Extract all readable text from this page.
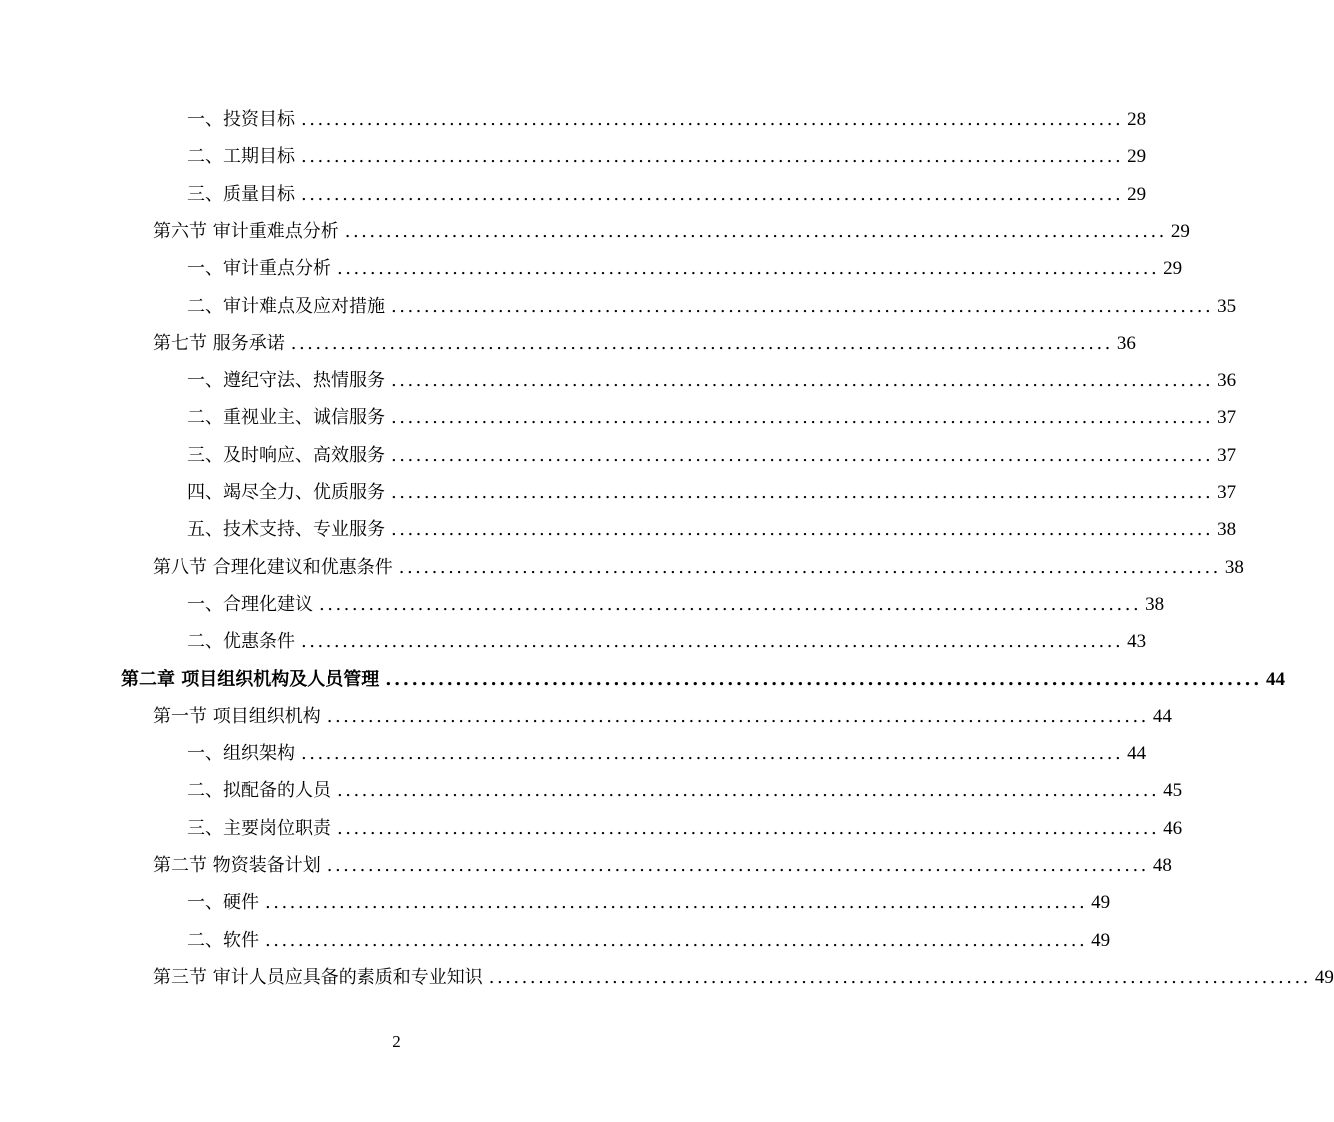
一、投资目标 .................................................................................................... 28
二、工期目标 .................................................................................................... 29
三、质量目标 .................................................................................................... 29
第六节 审计重难点分析 .................................................................................................... 29
一、审计重点分析 .................................................................................................... 29
二、审计难点及应对措施 .................................................................................................... 35
第七节 服务承诺 .................................................................................................... 36
一、遵纪守法、热情服务 .................................................................................................... 36
二、重视业主、诚信服务 .................................................................................................... 37
三、及时响应、高效服务 .................................................................................................... 37
四、竭尽全力、优质服务 .................................................................................................... 37
五、技术支持、专业服务 .................................................................................................... 38
第八节 合理化建议和优惠条件 .................................................................................................... 38
一、合理化建议 .................................................................................................... 38
二、优惠条件 .................................................................................................... 43
第二章 项目组织机构及人员管理 .................................................................................................... 44
第一节 项目组织机构 .................................................................................................... 44
一、组织架构 .................................................................................................... 44
二、拟配备的人员 .................................................................................................... 45
三、主要岗位职责 .................................................................................................... 46
第二节 物资装备计划 .................................................................................................... 48
一、硬件 .................................................................................................... 49
二、软件 .................................................................................................... 49
第三节 审计人员应具备的素质和专业知识 .................................................................................................... 49
2
